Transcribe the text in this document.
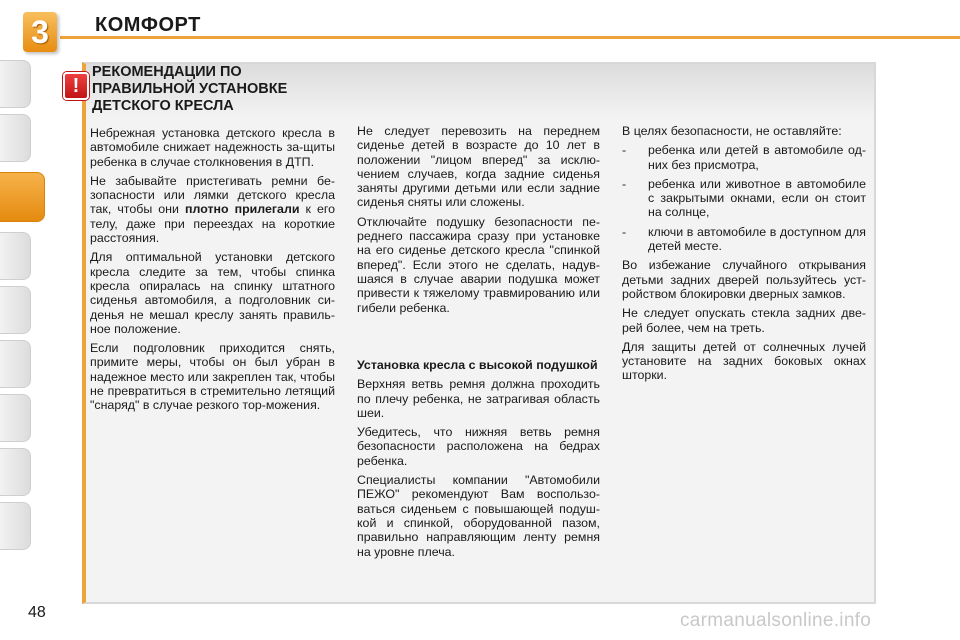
3	КОМФОРТ
!
РЕКОМЕНДАЦИИ ПО ПРАВИЛЬНОЙ УСТАНОВКЕ ДЕТСКОГО КРЕСЛА

Небрежная установка детского кресла в автомобиле снижает надежность за-щиты ребенка в случае столкновения в ДТП.

Не забывайте пристегивать ремни бе-зопасности или лямки детского кресла так, чтобы они плотно прилегали к его телу, даже при переездах на короткие расстояния.

Для оптимальной установки детского кресла следите за тем, чтобы спинка кресла опиралась на спинку штатного сиденья автомобиля, а подголовник си-денья не мешал креслу занять правиль-ное положение.

Если подголовник приходится снять, примите меры, чтобы он был убран в надежное место или закреплен так, чтобы не превратиться в стремительно летящий "снаряд" в случае резкого тор-можения.

Не следует перевозить на переднем сиденье детей в возрасте до 10 лет в положении "лицом вперед" за исклю-чением случаев, когда задние сиденья заняты другими детьми или если задние сиденья сняты или сложены.

Отключайте подушку безопасности пе-реднего пассажира сразу при установке на его сиденье детского кресла "спинкой вперед". Если этого не сделать, надув-шаяся в случае аварии подушка может привести к тяжелому травмированию или гибели ребенка.

Установка кресла с высокой подушкой

Верхняя ветвь ремня должна проходить по плечу ребенка, не затрагивая область шеи.

Убедитесь, что нижняя ветвь ремня безопасности расположена на бедрах ребенка.

Специалисты компании "Автомобили ПЕЖО" рекомендуют Вам воспользо-ваться сиденьем с повышающей подуш-кой и спинкой, оборудованной пазом, правильно направляющим ленту ремня на уровне плеча.

В целях безопасности, не оставляйте:

- ребенка или детей в автомобиле од-них без присмотра,
- ребенка или животное в автомобиле с закрытыми окнами, если он стоит на солнце,
- ключи в автомобиле в доступном для детей месте.

Во избежание случайного открывания детьми задних дверей пользуйтесь уст-ройством блокировки дверных замков.

Не следует опускать стекла задних две-рей более, чем на треть.

Для защиты детей от солнечных лучей установите на задних боковых окнах шторки.

48	carmanualsonline.info
